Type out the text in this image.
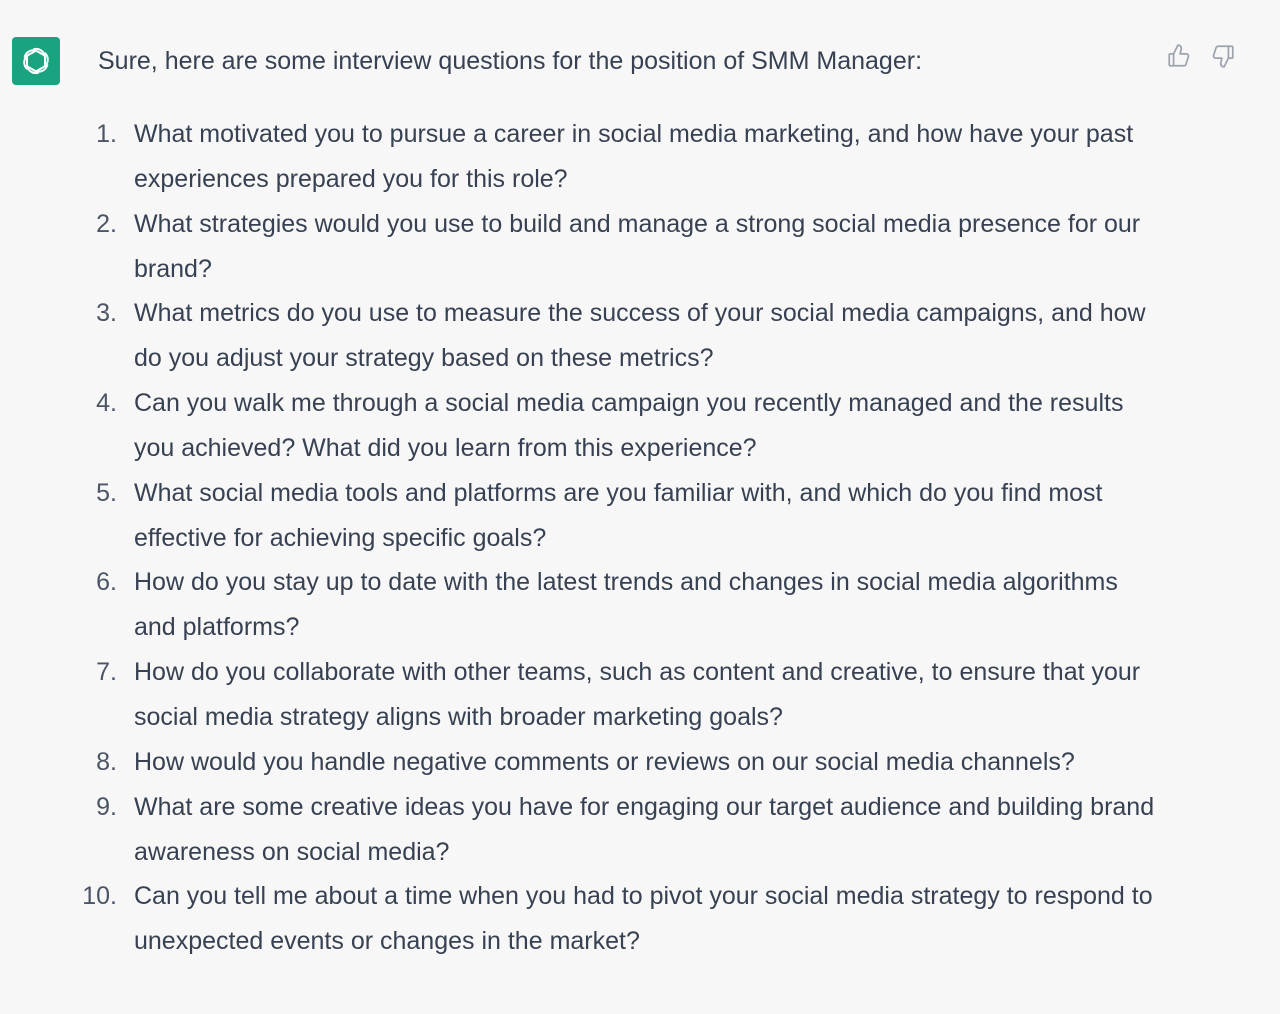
Sure, here are some interview questions for the position of SMM Manager:

1. What motivated you to pursue a career in social media marketing, and how have your past experiences prepared you for this role?
2. What strategies would you use to build and manage a strong social media presence for our brand?
3. What metrics do you use to measure the success of your social media campaigns, and how do you adjust your strategy based on these metrics?
4. Can you walk me through a social media campaign you recently managed and the results you achieved? What did you learn from this experience?
5. What social media tools and platforms are you familiar with, and which do you find most effective for achieving specific goals?
6. How do you stay up to date with the latest trends and changes in social media algorithms and platforms?
7. How do you collaborate with other teams, such as content and creative, to ensure that your social media strategy aligns with broader marketing goals?
8. How would you handle negative comments or reviews on our social media channels?
9. What are some creative ideas you have for engaging our target audience and building brand awareness on social media?
10. Can you tell me about a time when you had to pivot your social media strategy to respond to unexpected events or changes in the market?
